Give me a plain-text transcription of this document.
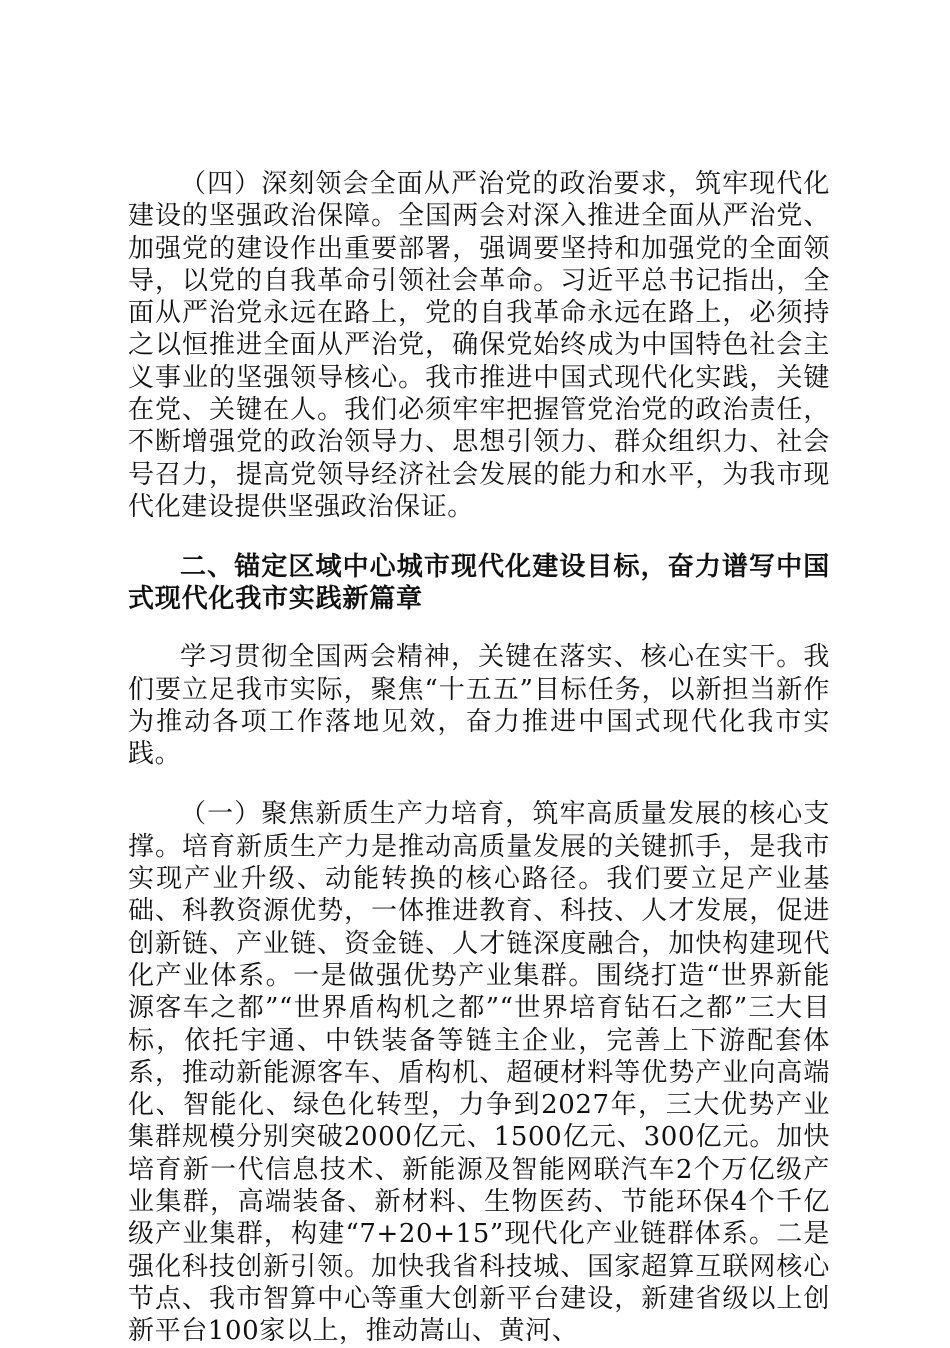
（四）深刻领会全面从严治党的政治要求，筑牢现代化建设的坚强政治保障。全国两会对深入推进全面从严治党、加强党的建设作出重要部署，强调要坚持和加强党的全面领导，以党的自我革命引领社会革命。习近平总书记指出，全面从严治党永远在路上，党的自我革命永远在路上，必须持之以恒推进全面从严治党，确保党始终成为中国特色社会主义事业的坚强领导核心。我市推进中国式现代化实践，关键在党、关键在人。我们必须牢牢把握管党治党的政治责任，不断增强党的政治领导力、思想引领力、群众组织力、社会号召力，提高党领导经济社会发展的能力和水平，为我市现代化建设提供坚强政治保证。

二、锚定区域中心城市现代化建设目标，奋力谱写中国式现代化我市实践新篇章

学习贯彻全国两会精神，关键在落实、核心在实干。我们要立足我市实际，聚焦“十五五”目标任务，以新担当新作为推动各项工作落地见效，奋力推进中国式现代化我市实践。

（一）聚焦新质生产力培育，筑牢高质量发展的核心支撑。培育新质生产力是推动高质量发展的关键抓手，是我市实现产业升级、动能转换的核心路径。我们要立足产业基础、科教资源优势，一体推进教育、科技、人才发展，促进创新链、产业链、资金链、人才链深度融合，加快构建现代化产业体系。一是做强优势产业集群。围绕打造“世界新能源客车之都”“世界盾构机之都”“世界培育钻石之都”三大目标，依托宇通、中铁装备等链主企业，完善上下游配套体系，推动新能源客车、盾构机、超硬材料等优势产业向高端化、智能化、绿色化转型，力争到2027年，三大优势产业集群规模分别突破2000亿元、1500亿元、300亿元。加快培育新一代信息技术、新能源及智能网联汽车2个万亿级产业集群，高端装备、新材料、生物医药、节能环保4个千亿级产业集群，构建“7+20+15”现代化产业链群体系。二是强化科技创新引领。加快我省科技城、国家超算互联网核心节点、我市智算中心等重大创新平台建设，新建省级以上创新平台100家以上，推动嵩山、黄河、
